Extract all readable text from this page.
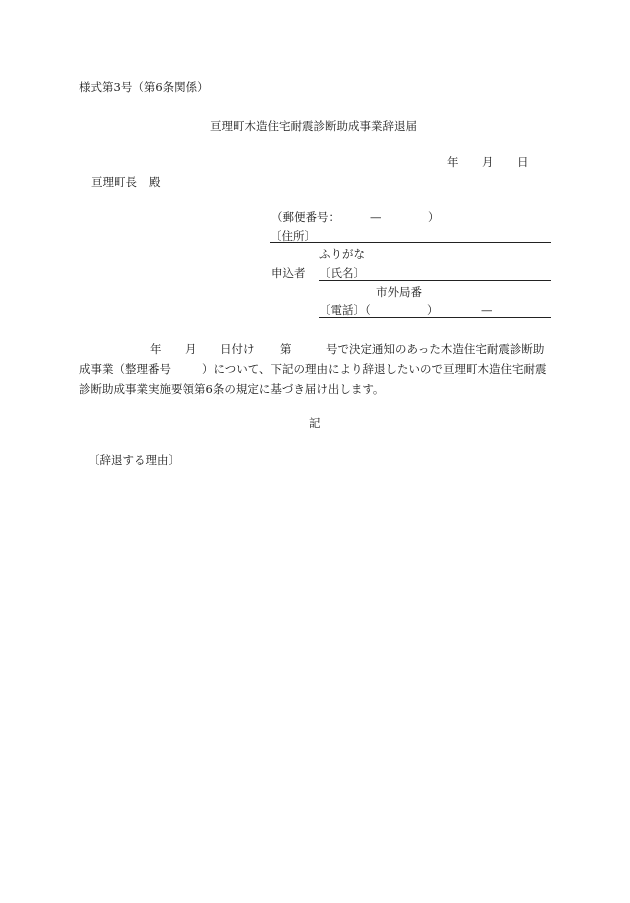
様式第3号（第6条関係）
亘理町木造住宅耐震診断助成事業辞退届
年 月 日
亘理町長 殿
（郵便番号：	—	）
〔住所〕
ふりがな
申込者 〔氏名〕
市外局番
〔電話〕（	）	—
年 月 日付け 第	号で決定通知のあった木造住宅耐震診断助
成事業（整理番号	）について、下記の理由により辞退したいので亘理町木造住宅耐震
診断助成事業実施要領第6条の規定に基づき届け出します。
記
〔辞退する理由〕
